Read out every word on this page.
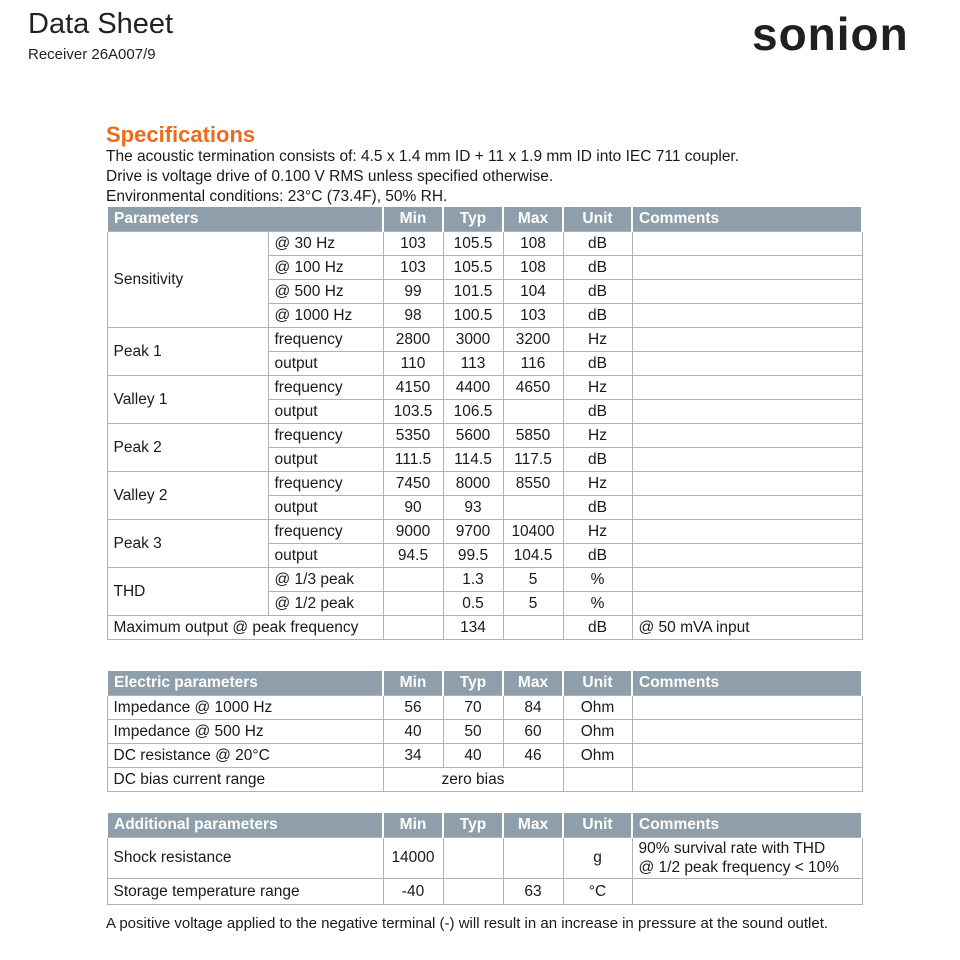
Data Sheet
Receiver 26A007/9	sonion
Specifications
The acoustic termination consists of: 4.5 x 1.4 mm ID + 11 x 1.9 mm ID into IEC 711 coupler.
Drive is voltage drive of 0.100 V RMS unless specified otherwise.
Environmental conditions: 23°C (73.4F), 50% RH.
Parameters		Min	Typ	Max	Unit	Comments
Sensitivity	@ 30 Hz	103	105.5	108	dB	
	@ 100 Hz	103	105.5	108	dB	
	@ 500 Hz	99	101.5	104	dB	
	@ 1000 Hz	98	100.5	103	dB	
Peak 1	frequency	2800	3000	3200	Hz	
	output	110	113	116	dB	
Valley 1	frequency	4150	4400	4650	Hz	
	output	103.5	106.5		dB	
Peak 2	frequency	5350	5600	5850	Hz	
	output	111.5	114.5	117.5	dB	
Valley 2	frequency	7450	8000	8550	Hz	
	output	90	93		dB	
Peak 3	frequency	9000	9700	10400	Hz	
	output	94.5	99.5	104.5	dB	
THD	@ 1/3 peak		1.3	5	%	
	@ 1/2 peak		0.5	5	%	
Maximum output @ peak frequency			134		dB	@ 50 mVA input
Electric parameters	Min	Typ	Max	Unit	Comments
Impedance @ 1000 Hz	56	70	84	Ohm	
Impedance @ 500 Hz	40	50	60	Ohm	
DC resistance @ 20°C	34	40	46	Ohm	
DC bias current range	zero bias				
Additional parameters	Min	Typ	Max	Unit	Comments
Shock resistance	14000			g	90% survival rate with THD
@ 1/2 peak frequency < 10%

Storage temperature range	-40		63	°C	
A positive voltage applied to the negative terminal (-) will result in an increase in pressure at the sound outlet.
